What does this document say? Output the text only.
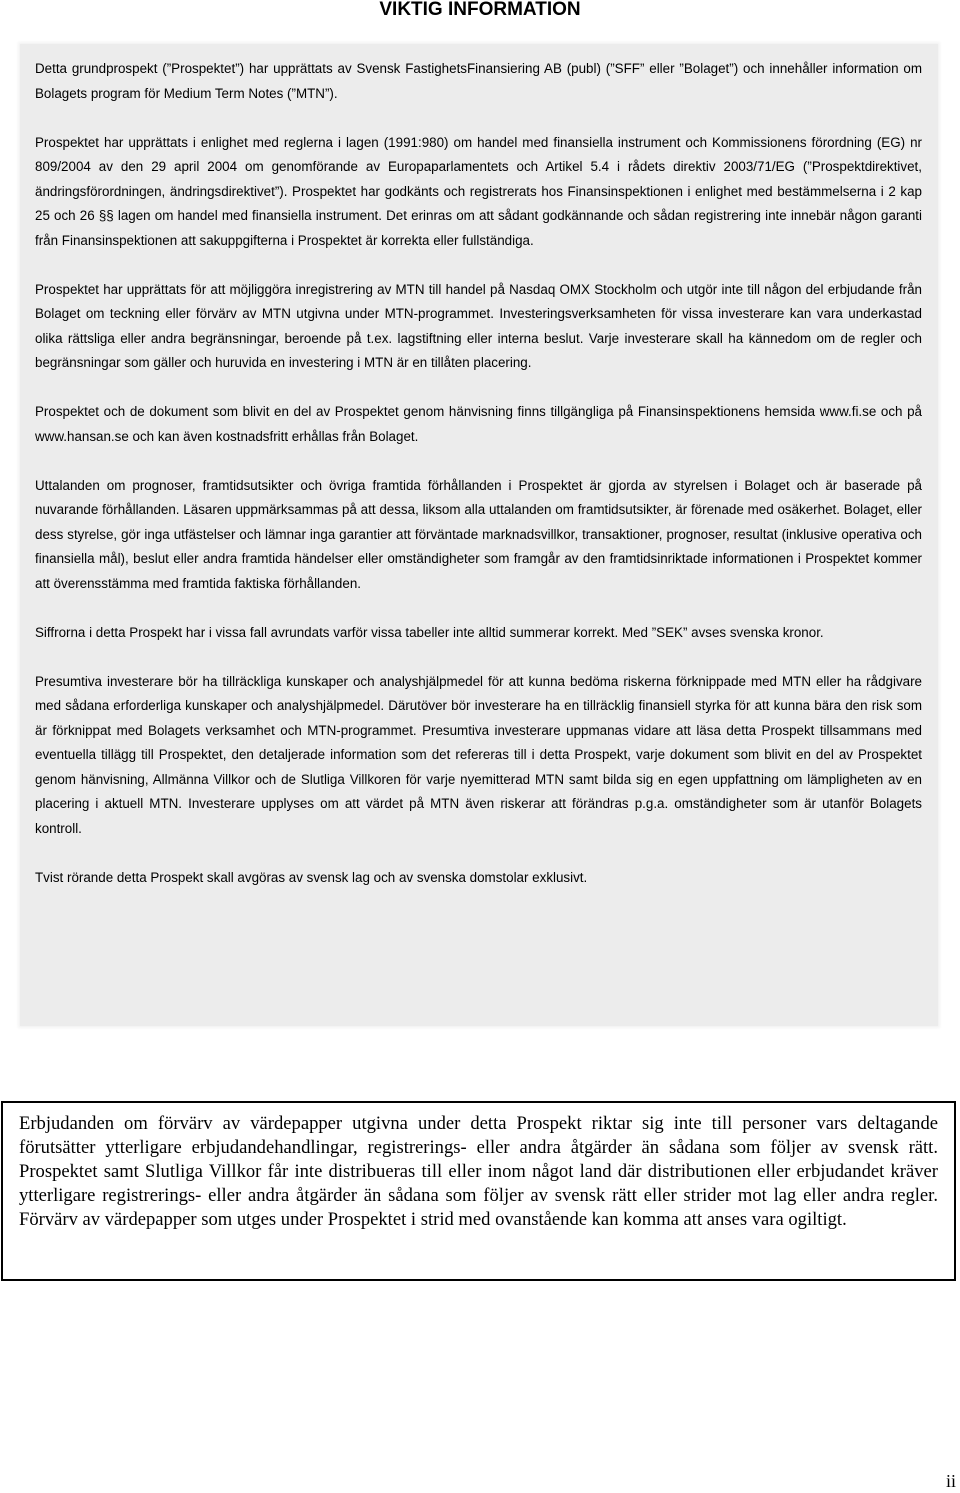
VIKTIG INFORMATION

Detta grundprospekt (”Prospektet”) har upprättats av Svensk FastighetsFinansiering AB (publ) (”SFF” eller ”Bolaget”) och innehåller information om Bolagets program för Medium Term Notes (”MTN”).

Prospektet har upprättats i enlighet med reglerna i lagen (1991:980) om handel med finansiella instrument och Kommissionens förordning (EG) nr 809/2004 av den 29 april 2004 om genomförande av Europaparlamentets och Artikel 5.4 i rådets direktiv 2003/71/EG (”Prospektdirektivet, ändringsförordningen, ändringsdirektivet”). Prospektet har godkänts och registrerats hos Finansinspektionen i enlighet med bestämmelserna i 2 kap 25 och 26 §§ lagen om handel med finansiella instrument. Det erinras om att sådant godkännande och sådan registrering inte innebär någon garanti från Finansinspektionen att sakuppgifterna i Prospektet är korrekta eller fullständiga.

Prospektet har upprättats för att möjliggöra inregistrering av MTN till handel på Nasdaq OMX Stockholm och utgör inte till någon del erbjudande från Bolaget om teckning eller förvärv av MTN utgivna under MTN-programmet. Investeringsverksamheten för vissa investerare kan vara underkastad olika rättsliga eller andra begränsningar, beroende på t.ex. lagstiftning eller interna beslut. Varje investerare skall ha kännedom om de regler och begränsningar som gäller och huruvida en investering i MTN är en tillåten placering.

Prospektet och de dokument som blivit en del av Prospektet genom hänvisning finns tillgängliga på Finansinspektionens hemsida www.fi.se och på www.hansan.se och kan även kostnadsfritt erhållas från Bolaget.

Uttalanden om prognoser, framtidsutsikter och övriga framtida förhållanden i Prospektet är gjorda av styrelsen i Bolaget och är baserade på nuvarande förhållanden. Läsaren uppmärksammas på att dessa, liksom alla uttalanden om framtidsutsikter, är förenade med osäkerhet. Bolaget, eller dess styrelse, gör inga utfästelser och lämnar inga garantier att förväntade marknadsvillkor, transaktioner, prognoser, resultat (inklusive operativa och finansiella mål), beslut eller andra framtida händelser eller omständigheter som framgår av den framtidsinriktade informationen i Prospektet kommer att överensstämma med framtida faktiska förhållanden.

Siffrorna i detta Prospekt har i vissa fall avrundats varför vissa tabeller inte alltid summerar korrekt. Med ”SEK” avses svenska kronor.

Presumtiva investerare bör ha tillräckliga kunskaper och analyshjälpmedel för att kunna bedöma riskerna förknippade med MTN eller ha rådgivare med sådana erforderliga kunskaper och analyshjälpmedel. Därutöver bör investerare ha en tillräcklig finansiell styrka för att kunna bära den risk som är förknippat med Bolagets verksamhet och MTN-programmet. Presumtiva investerare uppmanas vidare att läsa detta Prospekt tillsammans med eventuella tillägg till Prospektet, den detaljerade information som det refereras till i detta Prospekt, varje dokument som blivit en del av Prospektet genom hänvisning, Allmänna Villkor och de Slutliga Villkoren för varje nyemitterad MTN samt bilda sig en egen uppfattning om lämpligheten av en placering i aktuell MTN. Investerare upplyses om att värdet på MTN även riskerar att förändras p.g.a. omständigheter som är utanför Bolagets kontroll.

Tvist rörande detta Prospekt skall avgöras av svensk lag och av svenska domstolar exklusivt.

Erbjudanden om förvärv av värdepapper utgivna under detta Prospekt riktar sig inte till personer vars deltagande förutsätter ytterligare erbjudandehandlingar, registrerings- eller andra åtgärder än sådana som följer av svensk rätt. Prospektet samt Slutliga Villkor får inte distribueras till eller inom något land där distributionen eller erbjudandet kräver ytterligare registrerings- eller andra åtgärder än sådana som följer av svensk rätt eller strider mot lag eller andra regler. Förvärv av värdepapper som utges under Prospektet i strid med ovanstående kan komma att anses vara ogiltigt.

ii
